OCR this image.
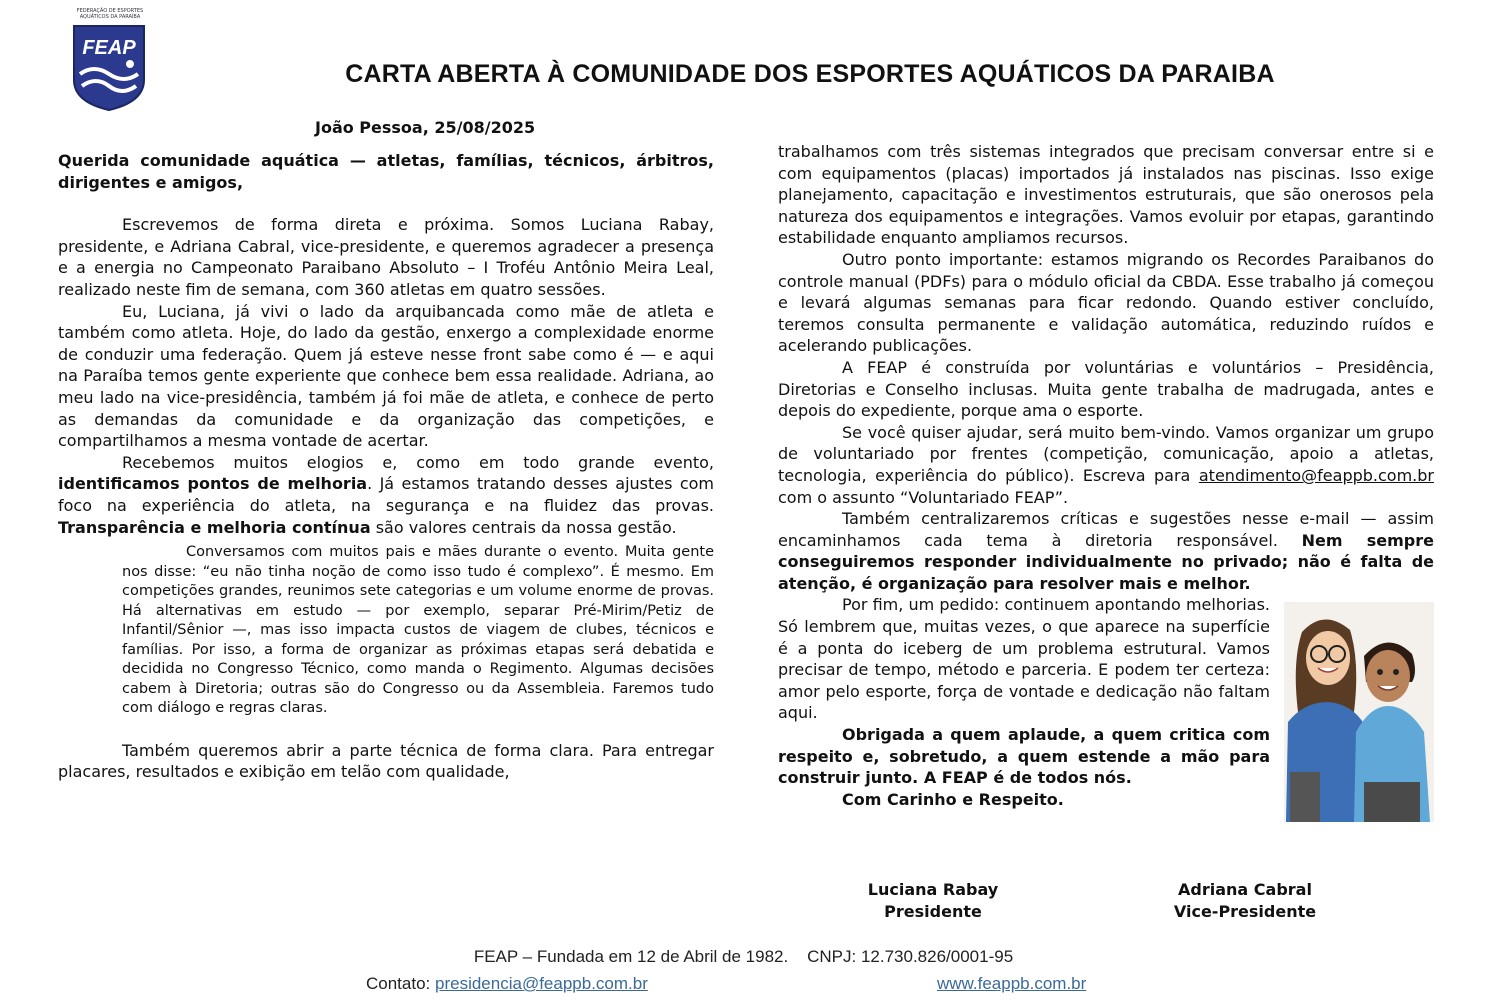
FEDERAÇÃO DE ESPORTES AQUÁTICOS DA PARAÍBA
FEAP
CARTA ABERTA À COMUNIDADE DOS ESPORTES AQUÁTICOS DA PARAIBA
João Pessoa, 25/08/2025

Querida comunidade aquática — atletas, famílias, técnicos, árbitros, dirigentes e amigos,

Escrevemos de forma direta e próxima. Somos Luciana Rabay, presidente, e Adriana Cabral, vice-presidente, e queremos agradecer a presença e a energia no Campeonato Paraibano Absoluto – I Troféu Antônio Meira Leal, realizado neste fim de semana, com 360 atletas em quatro sessões.

Eu, Luciana, já vivi o lado da arquibancada como mãe de atleta e também como atleta. Hoje, do lado da gestão, enxergo a complexidade enorme de conduzir uma federação. Quem já esteve nesse front sabe como é — e aqui na Paraíba temos gente experiente que conhece bem essa realidade. Adriana, ao meu lado na vice-presidência, também já foi mãe de atleta, e conhece de perto as demandas da comunidade e da organização das competições, e compartilhamos a mesma vontade de acertar.

Recebemos muitos elogios e, como em todo grande evento, identificamos pontos de melhoria. Já estamos tratando desses ajustes com foco na experiência do atleta, na segurança e na fluidez das provas. Transparência e melhoria contínua são valores centrais da nossa gestão.

Conversamos com muitos pais e mães durante o evento. Muita gente nos disse: “eu não tinha noção de como isso tudo é complexo”. É mesmo. Em competições grandes, reunimos sete categorias e um volume enorme de provas. Há alternativas em estudo — por exemplo, separar Pré-Mirim/Petiz de Infantil/Sênior —, mas isso impacta custos de viagem de clubes, técnicos e famílias. Por isso, a forma de organizar as próximas etapas será debatida e decidida no Congresso Técnico, como manda o Regimento. Algumas decisões cabem à Diretoria; outras são do Congresso ou da Assembleia. Faremos tudo com diálogo e regras claras.

Também queremos abrir a parte técnica de forma clara. Para entregar placares, resultados e exibição em telão com qualidade,

trabalhamos com três sistemas integrados que precisam conversar entre si e com equipamentos (placas) importados já instalados nas piscinas. Isso exige planejamento, capacitação e investimentos estruturais, que são onerosos pela natureza dos equipamentos e integrações. Vamos evoluir por etapas, garantindo estabilidade enquanto ampliamos recursos.

Outro ponto importante: estamos migrando os Recordes Paraibanos do controle manual (PDFs) para o módulo oficial da CBDA. Esse trabalho já começou e levará algumas semanas para ficar redondo. Quando estiver concluído, teremos consulta permanente e validação automática, reduzindo ruídos e acelerando publicações.

A FEAP é construída por voluntárias e voluntários – Presidência, Diretorias e Conselho inclusas. Muita gente trabalha de madrugada, antes e depois do expediente, porque ama o esporte.

Se você quiser ajudar, será muito bem-vindo. Vamos organizar um grupo de voluntariado por frentes (competição, comunicação, apoio a atletas, tecnologia, experiência do público). Escreva para atendimento@feappb.com.br com o assunto “Voluntariado FEAP”.

Também centralizaremos críticas e sugestões nesse e-mail — assim encaminhamos cada tema à diretoria responsável. Nem sempre conseguiremos responder individualmente no privado; não é falta de atenção, é organização para resolver mais e melhor.

Por fim, um pedido: continuem apontando melhorias. Só lembrem que, muitas vezes, o que aparece na superfície é a ponta do iceberg de um problema estrutural. Vamos precisar de tempo, método e parceria. E podem ter certeza: amor pelo esporte, força de vontade e dedicação não faltam aqui.

Obrigada a quem aplaude, a quem critica com respeito e, sobretudo, a quem estende a mão para construir junto. A FEAP é de todos nós.

Com Carinho e Respeito.

Luciana Rabay
Presidente
Adriana Cabral
Vice-Presidente
FEAP – Fundada em 12 de Abril de 1982.    CNPJ: 12.730.826/0001-95
Contato: presidencia@feappb.com.br	www.feappb.com.br
